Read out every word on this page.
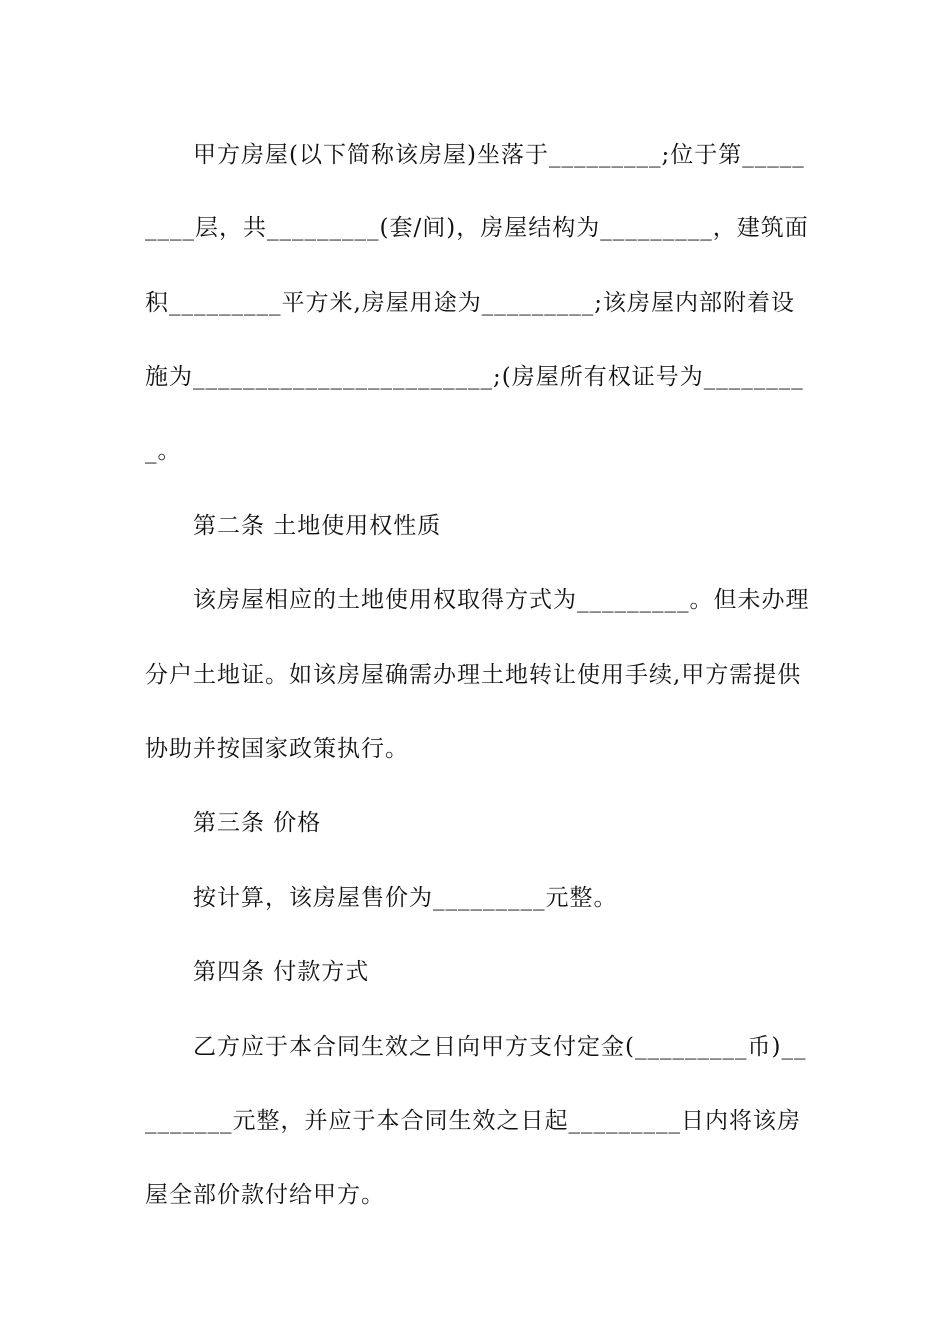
甲方房屋(以下简称该房屋)坐落于_________;位于第_____
____层，共_________(套/间)，房屋结构为_________，建筑面
积_________平方米,房屋用途为_________;该房屋内部附着设
施为________________________;(房屋所有权证号为________
_。
第二条 土地使用权性质
该房屋相应的土地使用权取得方式为_________。但未办理
分户土地证。如该房屋确需办理土地转让使用手续,甲方需提供
协助并按国家政策执行。
第三条 价格
按计算，该房屋售价为_________元整。
第四条 付款方式
乙方应于本合同生效之日向甲方支付定金(_________币)__
_______元整，并应于本合同生效之日起_________日内将该房
屋全部价款付给甲方。
